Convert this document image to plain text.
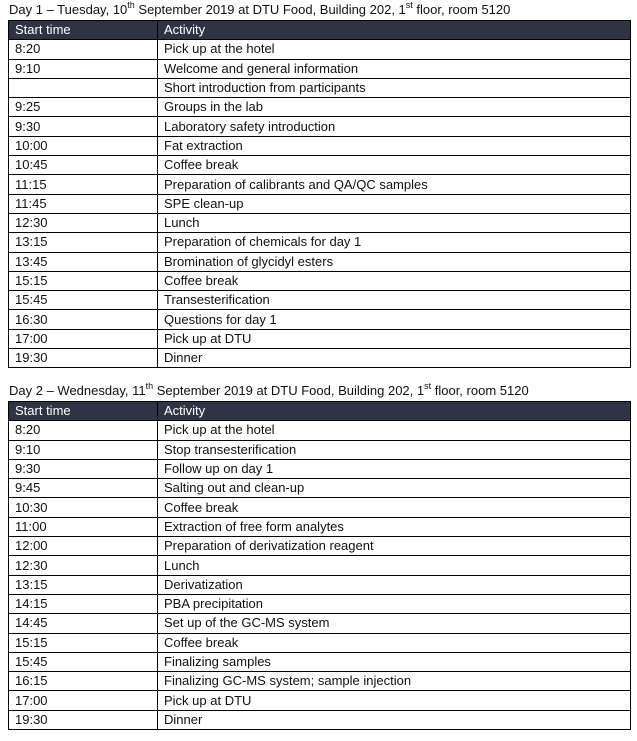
Day 1 – Tuesday, 10th September 2019 at DTU Food, Building 202, 1st floor, room 5120
Start time	Activity
8:20	Pick up at the hotel
9:10	Welcome and general information
	Short introduction from participants
9:25	Groups in the lab
9:30	Laboratory safety introduction
10:00	Fat extraction
10:45	Coffee break
11:15	Preparation of calibrants and QA/QC samples
11:45	SPE clean-up
12:30	Lunch
13:15	Preparation of chemicals for day 1
13:45	Bromination of glycidyl esters
15:15	Coffee break
15:45	Transesterification
16:30	Questions for day 1
17:00	Pick up at DTU
19:30	Dinner
Day 2 – Wednesday, 11th September 2019 at DTU Food, Building 202, 1st floor, room 5120
Start time	Activity
8:20	Pick up at the hotel
9:10	Stop transesterification
9:30	Follow up on day 1
9:45	Salting out and clean-up
10:30	Coffee break
11:00	Extraction of free form analytes
12:00	Preparation of derivatization reagent
12:30	Lunch
13:15	Derivatization
14:15	PBA precipitation
14:45	Set up of the GC-MS system
15:15	Coffee break
15:45	Finalizing samples
16:15	Finalizing GC-MS system; sample injection
17:00	Pick up at DTU
19:30	Dinner
